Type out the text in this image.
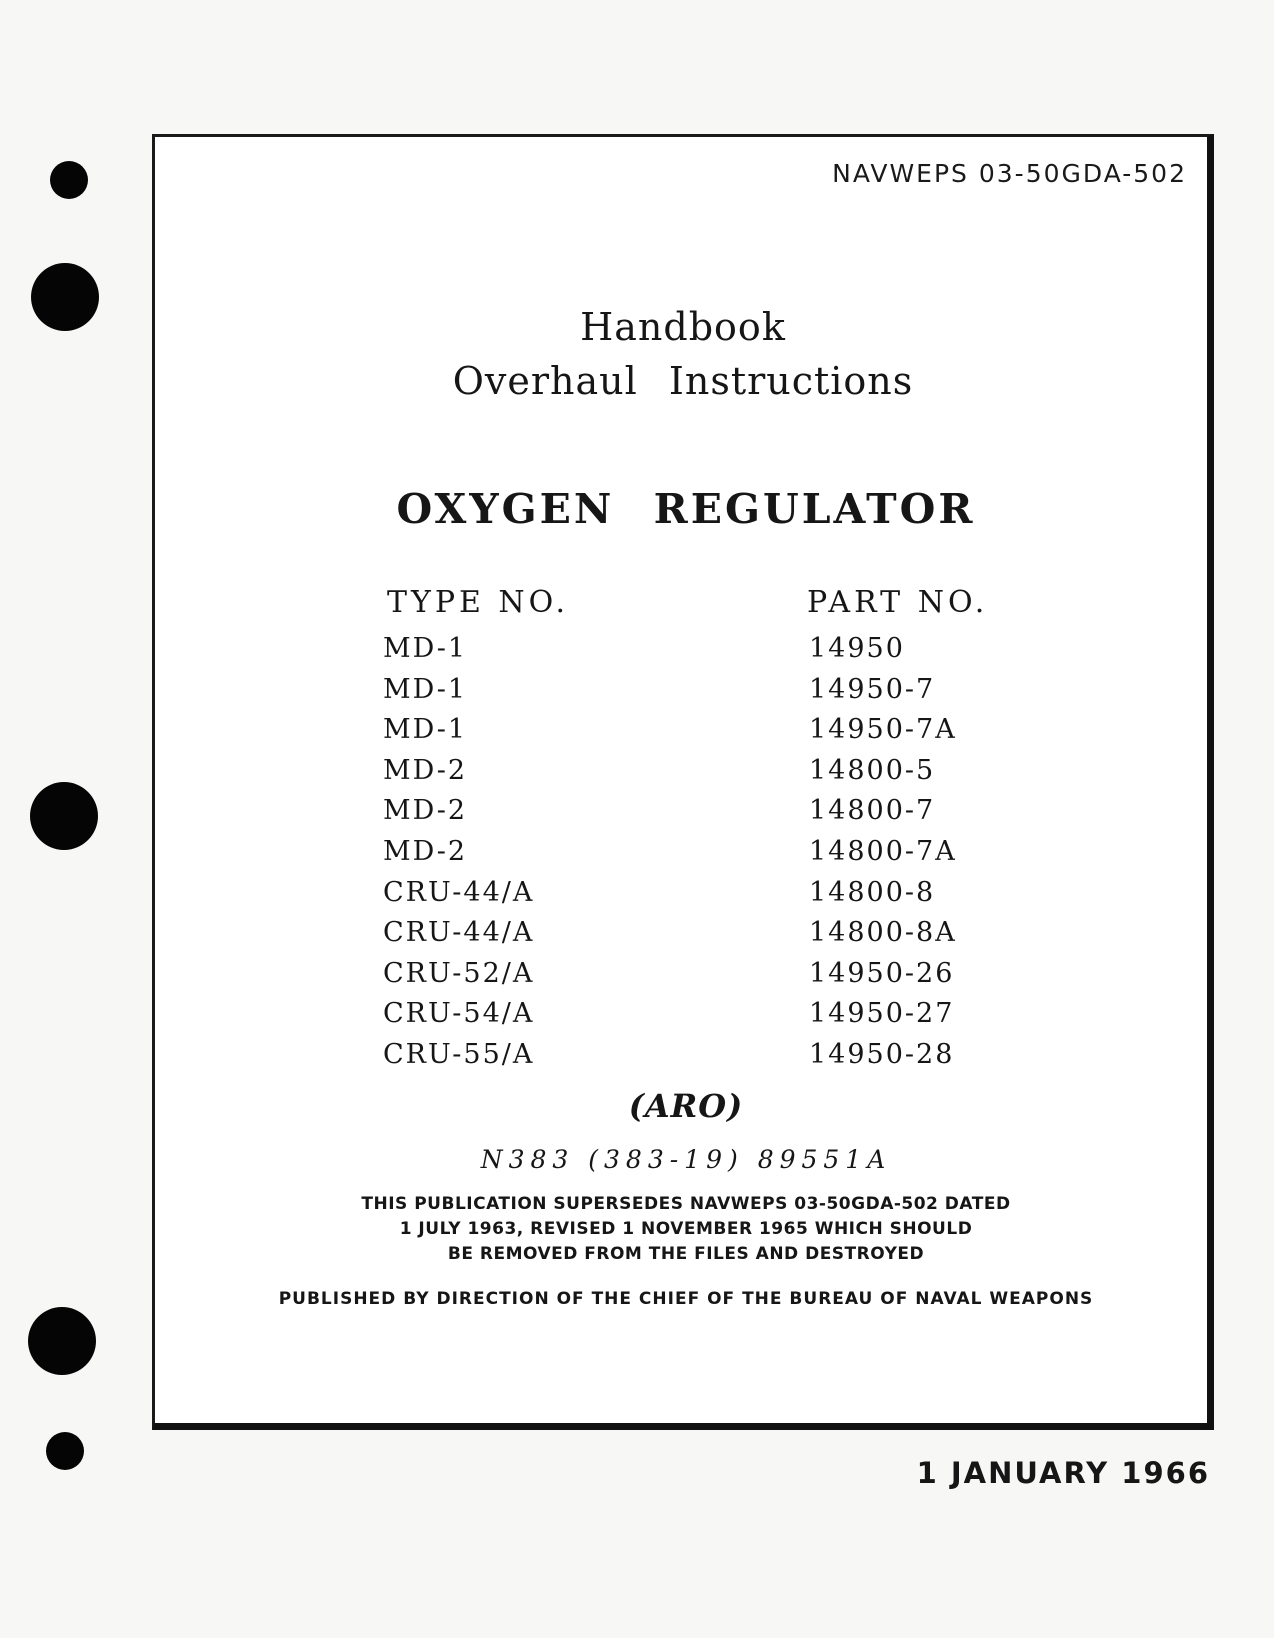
NAVWEPS 03-50GDA-502
Handbook
Overhaul Instructions
OXYGEN REGULATOR
TYPE NO.	PART NO.
MD-1
MD-1
MD-1
MD-2
MD-2
MD-2
CRU-44/A
CRU-44/A
CRU-52/A
CRU-54/A
CRU-55/A
14950
14950-7
14950-7A
14800-5
14800-7
14800-7A
14800-8
14800-8A
14950-26
14950-27
14950-28
(ARO)
N383 (383-19) 89551A
THIS PUBLICATION SUPERSEDES NAVWEPS 03-50GDA-502 DATED
1 JULY 1963, REVISED 1 NOVEMBER 1965 WHICH SHOULD
BE REMOVED FROM THE FILES AND DESTROYED
PUBLISHED BY DIRECTION OF THE CHIEF OF THE BUREAU OF NAVAL WEAPONS
1 JANUARY 1966
